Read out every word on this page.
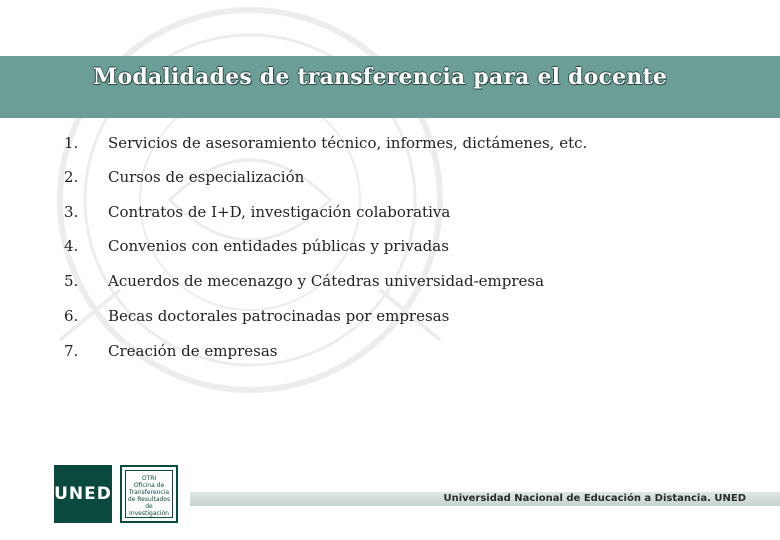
Modalidades de transferencia para el docente
1.	Servicios de asesoramiento técnico, informes, dictámenes, etc.
2.	Cursos de especialización
3.	Contratos de I+D, investigación colaborativa
4.	Convenios con entidades públicas y privadas
5.	Acuerdos de mecenazgo y Cátedras universidad-empresa
6.	Becas doctorales patrocinadas por empresas
7.	Creación de empresas
UNED
OTRI
Oficina de
Transferencia
de Resultados
de Investigación
Universidad Nacional de Educación a Distancia. UNED
